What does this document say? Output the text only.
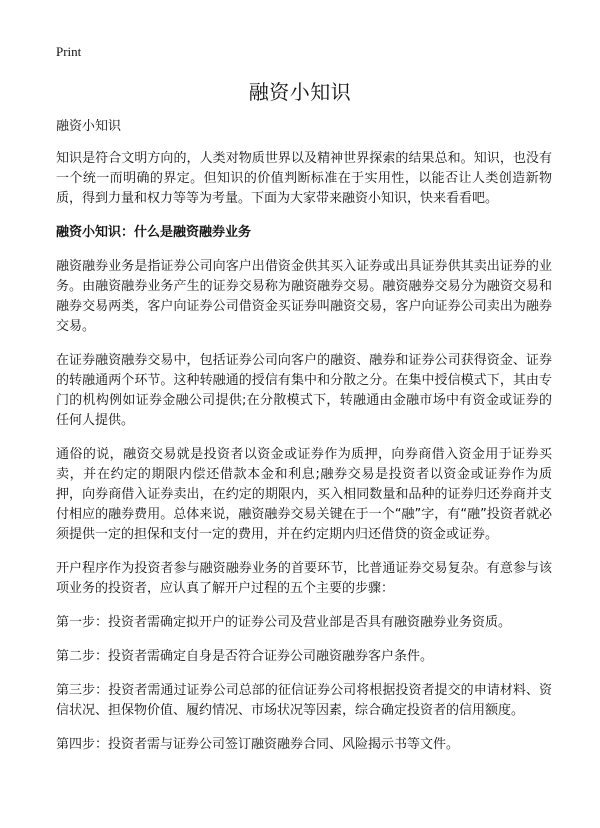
Print
融资小知识

融资小知识

知识是符合文明方向的，人类对物质世界以及精神世界探索的结果总和。知识，也没有一个统一而明确的界定。但知识的价值判断标准在于实用性，以能否让人类创造新物质，得到力量和权力等等为考量。下面为大家带来融资小知识，快来看看吧。

融资小知识：什么是融资融券业务

融资融券业务是指证券公司向客户出借资金供其买入证券或出具证券供其卖出证券的业务。由融资融券业务产生的证券交易称为融资融券交易。融资融券交易分为融资交易和融券交易两类，客户向证券公司借资金买证券叫融资交易，客户向证券公司卖出为融券交易。

在证券融资融券交易中，包括证券公司向客户的融资、融券和证券公司获得资金、证券的转融通两个环节。这种转融通的授信有集中和分散之分。在集中授信模式下，其由专门的机构例如证券金融公司提供;在分散模式下，转融通由金融市场中有资金或证券的任何人提供。

通俗的说，融资交易就是投资者以资金或证券作为质押，向券商借入资金用于证券买卖，并在约定的期限内偿还借款本金和利息;融券交易是投资者以资金或证券作为质押，向券商借入证券卖出，在约定的期限内，买入相同数量和品种的证券归还券商并支付相应的融券费用。总体来说，融资融券交易关键在于一个“融”字，有“融”投资者就必须提供一定的担保和支付一定的费用，并在约定期内归还借贷的资金或证券。

开户程序作为投资者参与融资融券业务的首要环节，比普通证券交易复杂。有意参与该项业务的投资者，应认真了解开户过程的五个主要的步骤：

第一步：投资者需确定拟开户的证券公司及营业部是否具有融资融券业务资质。

第二步：投资者需确定自身是否符合证券公司融资融券客户条件。

第三步：投资者需通过证券公司总部的征信证券公司将根据投资者提交的申请材料、资信状况、担保物价值、履约情况、市场状况等因素，综合确定投资者的信用额度。

第四步：投资者需与证券公司签订融资融券合同、风险揭示书等文件。
